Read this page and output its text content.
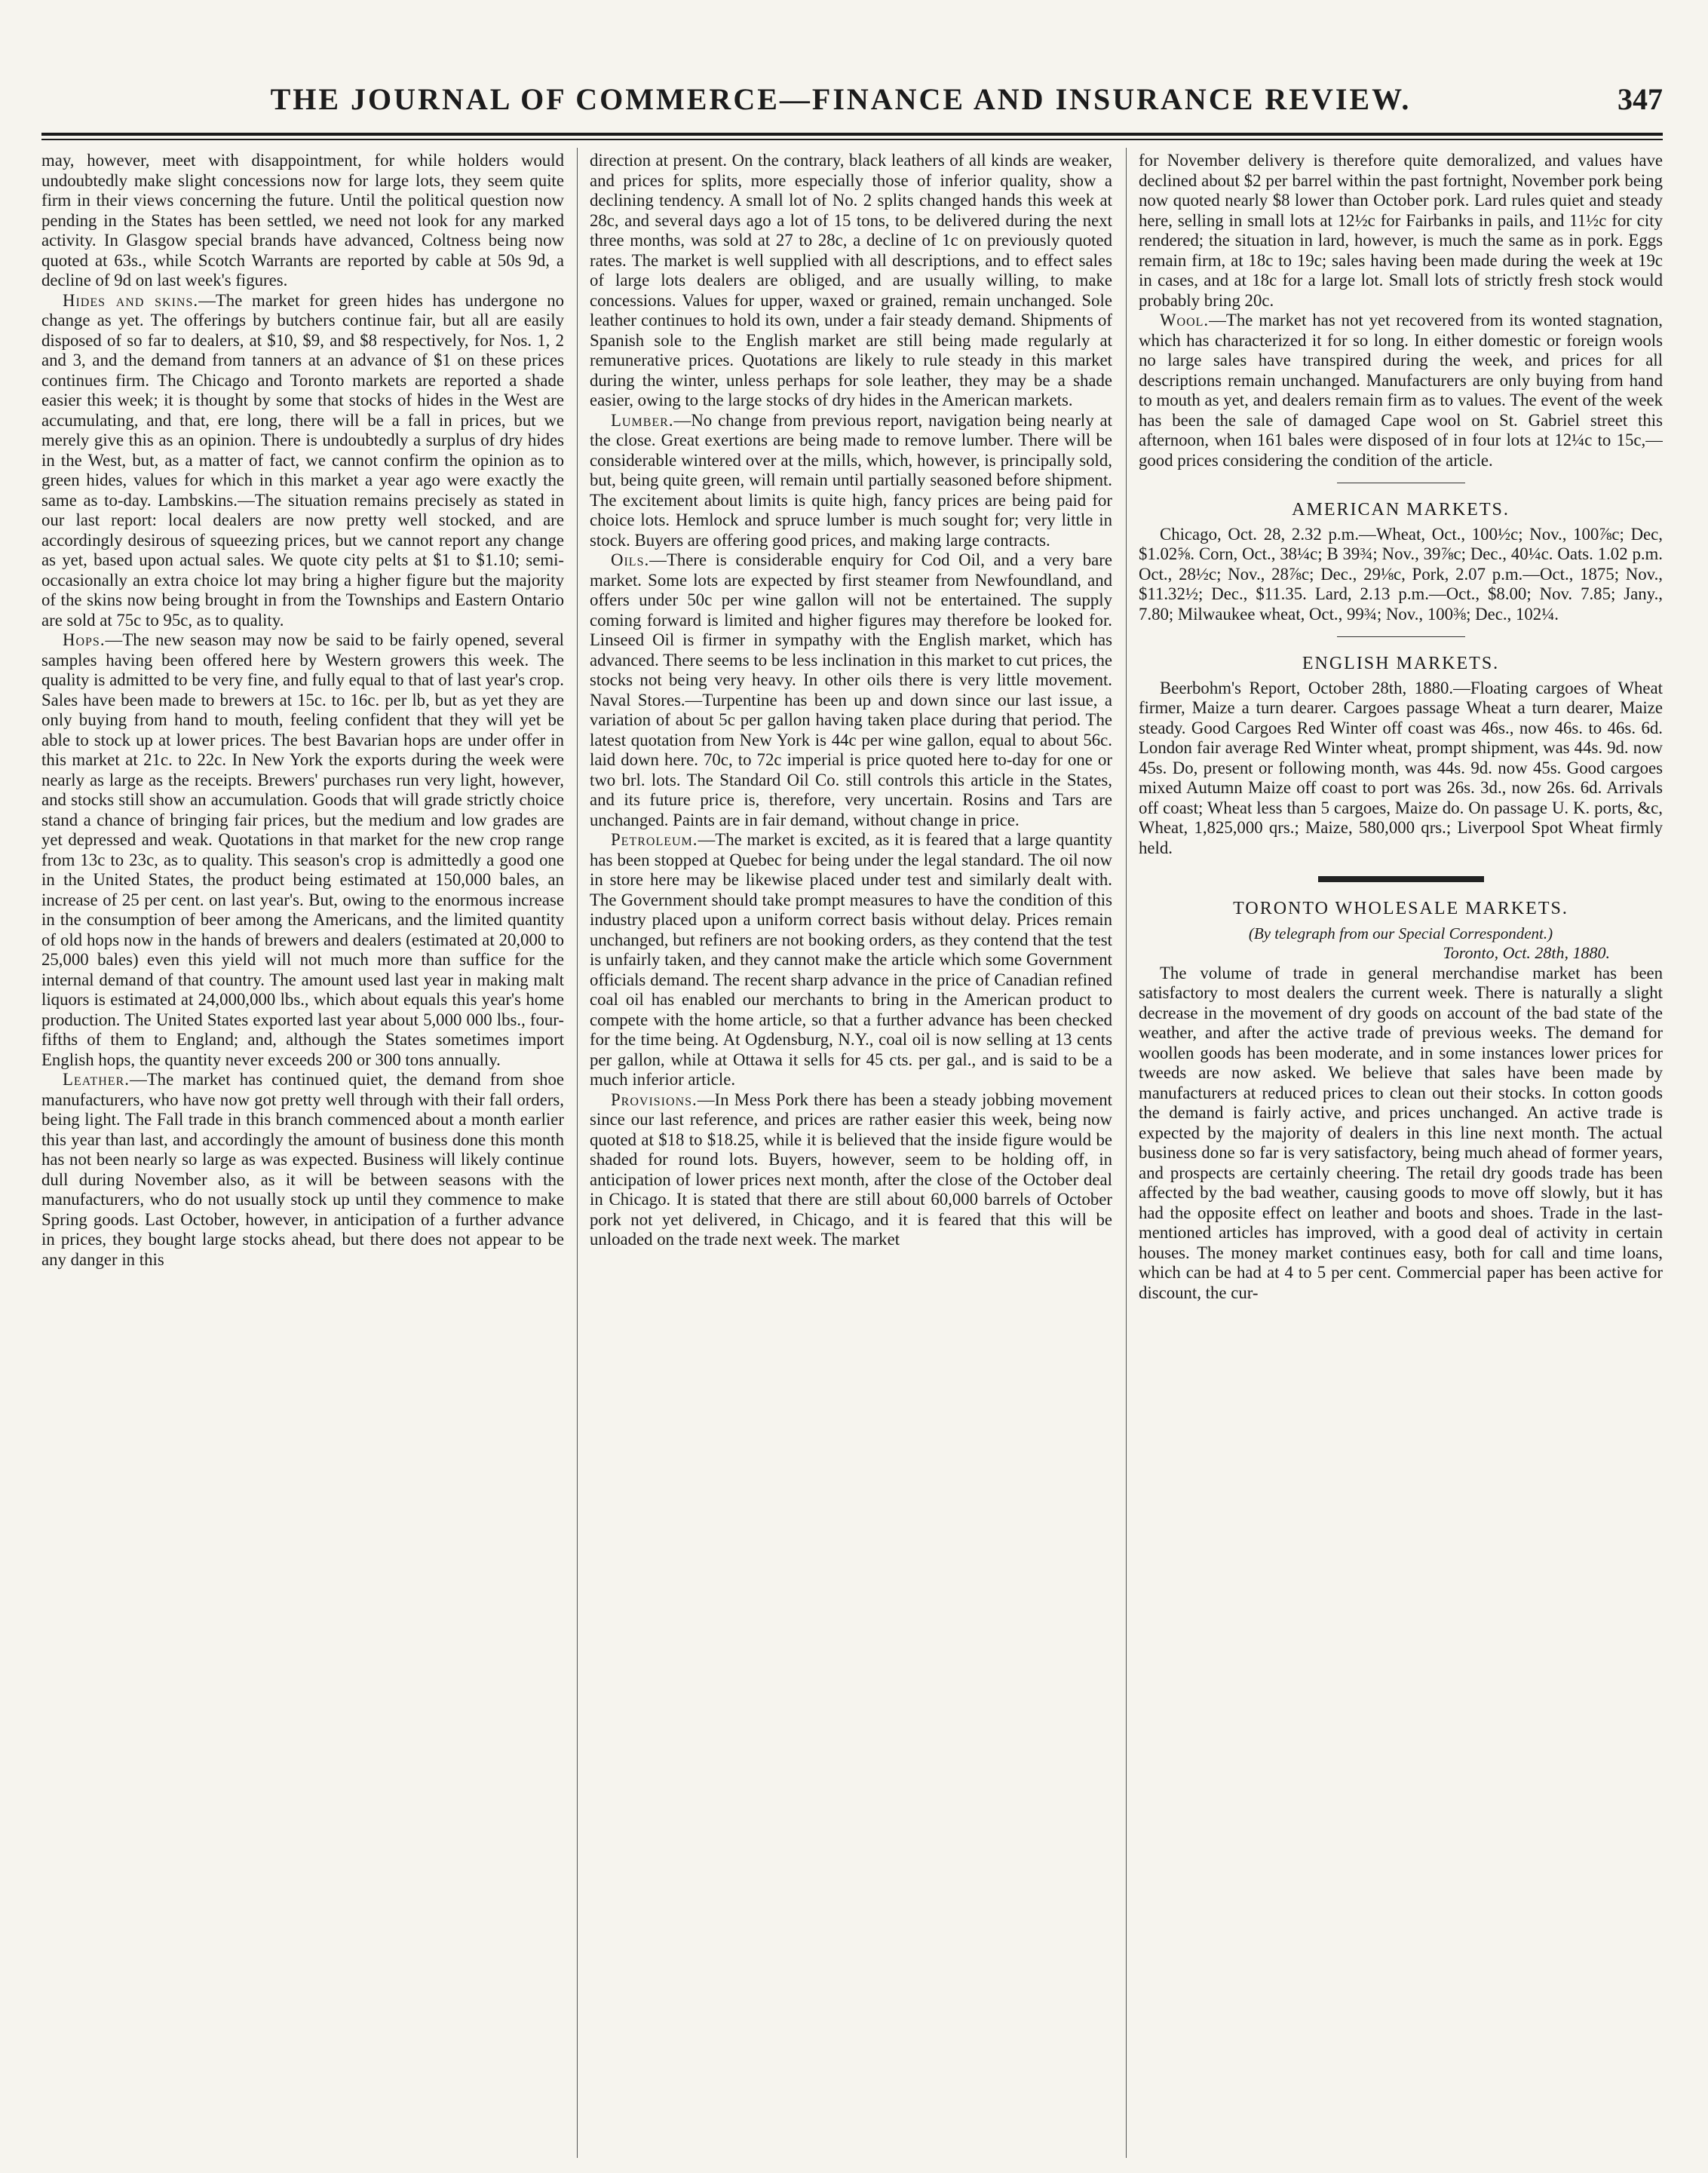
THE JOURNAL OF COMMERCE—FINANCE AND INSURANCE REVIEW.	347

may, however, meet with disappointment, for while holders would undoubtedly make slight concessions now for large lots, they seem quite firm in their views concerning the future. Until the political question now pending in the States has been settled, we need not look for any marked activity. In Glasgow special brands have advanced, Coltness being now quoted at 63s., while Scotch Warrants are reported by cable at 50s 9d, a decline of 9d on last week's figures.

Hides and skins.—The market for green hides has undergone no change as yet. The offerings by butchers continue fair, but all are easily disposed of so far to dealers, at $10, $9, and $8 respectively, for Nos. 1, 2 and 3, and the demand from tanners at an advance of $1 on these prices continues firm. The Chicago and Toronto markets are reported a shade easier this week; it is thought by some that stocks of hides in the West are accumulating, and that, ere long, there will be a fall in prices, but we merely give this as an opinion. There is undoubtedly a surplus of dry hides in the West, but, as a matter of fact, we cannot confirm the opinion as to green hides, values for which in this market a year ago were exactly the same as to-day. Lambskins.—The situation remains precisely as stated in our last report: local dealers are now pretty well stocked, and are accordingly desirous of squeezing prices, but we cannot report any change as yet, based upon actual sales. We quote city pelts at $1 to $1.10; semi-occasionally an extra choice lot may bring a higher figure but the majority of the skins now being brought in from the Townships and Eastern Ontario are sold at 75c to 95c, as to quality.

Hops.—The new season may now be said to be fairly opened, several samples having been offered here by Western growers this week. The quality is admitted to be very fine, and fully equal to that of last year's crop. Sales have been made to brewers at 15c. to 16c. per lb, but as yet they are only buying from hand to mouth, feeling confident that they will yet be able to stock up at lower prices. The best Bavarian hops are under offer in this market at 21c. to 22c. In New York the exports during the week were nearly as large as the receipts. Brewers' purchases run very light, however, and stocks still show an accumulation. Goods that will grade strictly choice stand a chance of bringing fair prices, but the medium and low grades are yet depressed and weak. Quotations in that market for the new crop range from 13c to 23c, as to quality. This season's crop is admittedly a good one in the United States, the product being estimated at 150,000 bales, an increase of 25 per cent. on last year's. But, owing to the enormous increase in the consumption of beer among the Americans, and the limited quantity of old hops now in the hands of brewers and dealers (estimated at 20,000 to 25,000 bales) even this yield will not much more than suffice for the internal demand of that country. The amount used last year in making malt liquors is estimated at 24,000,000 lbs., which about equals this year's home production. The United States exported last year about 5,000 000 lbs., four-fifths of them to England; and, although the States sometimes import English hops, the quantity never exceeds 200 or 300 tons annually.

Leather.—The market has continued quiet, the demand from shoe manufacturers, who have now got pretty well through with their fall orders, being light. The Fall trade in this branch commenced about a month earlier this year than last, and accordingly the amount of business done this month has not been nearly so large as was expected. Business will likely continue dull during November also, as it will be between seasons with the manufacturers, who do not usually stock up until they commence to make Spring goods. Last October, however, in anticipation of a further advance in prices, they bought large stocks ahead, but there does not appear to be any danger in this

direction at present. On the contrary, black leathers of all kinds are weaker, and prices for splits, more especially those of inferior quality, show a declining tendency. A small lot of No. 2 splits changed hands this week at 28c, and several days ago a lot of 15 tons, to be delivered during the next three months, was sold at 27 to 28c, a decline of 1c on previously quoted rates. The market is well supplied with all descriptions, and to effect sales of large lots dealers are obliged, and are usually willing, to make concessions. Values for upper, waxed or grained, remain unchanged. Sole leather continues to hold its own, under a fair steady demand. Shipments of Spanish sole to the English market are still being made regularly at remunerative prices. Quotations are likely to rule steady in this market during the winter, unless perhaps for sole leather, they may be a shade easier, owing to the large stocks of dry hides in the American markets.

Lumber.—No change from previous report, navigation being nearly at the close. Great exertions are being made to remove lumber. There will be considerable wintered over at the mills, which, however, is principally sold, but, being quite green, will remain until partially seasoned before shipment. The excitement about limits is quite high, fancy prices are being paid for choice lots. Hemlock and spruce lumber is much sought for; very little in stock. Buyers are offering good prices, and making large contracts.

Oils.—There is considerable enquiry for Cod Oil, and a very bare market. Some lots are expected by first steamer from Newfoundland, and offers under 50c per wine gallon will not be entertained. The supply coming forward is limited and higher figures may therefore be looked for. Linseed Oil is firmer in sympathy with the English market, which has advanced. There seems to be less inclination in this market to cut prices, the stocks not being very heavy. In other oils there is very little movement. Naval Stores.—Turpentine has been up and down since our last issue, a variation of about 5c per gallon having taken place during that period. The latest quotation from New York is 44c per wine gallon, equal to about 56c. laid down here. 70c, to 72c imperial is price quoted here to-day for one or two brl. lots. The Standard Oil Co. still controls this article in the States, and its future price is, therefore, very uncertain. Rosins and Tars are unchanged. Paints are in fair demand, without change in price.

Petroleum.—The market is excited, as it is feared that a large quantity has been stopped at Quebec for being under the legal standard. The oil now in store here may be likewise placed under test and similarly dealt with. The Government should take prompt measures to have the condition of this industry placed upon a uniform correct basis without delay. Prices remain unchanged, but refiners are not booking orders, as they contend that the test is unfairly taken, and they cannot make the article which some Government officials demand. The recent sharp advance in the price of Canadian refined coal oil has enabled our merchants to bring in the American product to compete with the home article, so that a further advance has been checked for the time being. At Ogdensburg, N.Y., coal oil is now selling at 13 cents per gallon, while at Ottawa it sells for 45 cts. per gal., and is said to be a much inferior article.

Provisions.—In Mess Pork there has been a steady jobbing movement since our last reference, and prices are rather easier this week, being now quoted at $18 to $18.25, while it is believed that the inside figure would be shaded for round lots. Buyers, however, seem to be holding off, in anticipation of lower prices next month, after the close of the October deal in Chicago. It is stated that there are still about 60,000 barrels of October pork not yet delivered, in Chicago, and it is feared that this will be unloaded on the trade next week. The market

for November delivery is therefore quite demoralized, and values have declined about $2 per barrel within the past fortnight, November pork being now quoted nearly $8 lower than October pork. Lard rules quiet and steady here, selling in small lots at 12½c for Fairbanks in pails, and 11½c for city rendered; the situation in lard, however, is much the same as in pork. Eggs remain firm, at 18c to 19c; sales having been made during the week at 19c in cases, and at 18c for a large lot. Small lots of strictly fresh stock would probably bring 20c.

Wool.—The market has not yet recovered from its wonted stagnation, which has characterized it for so long. In either domestic or foreign wools no large sales have transpired during the week, and prices for all descriptions remain unchanged. Manufacturers are only buying from hand to mouth as yet, and dealers remain firm as to values. The event of the week has been the sale of damaged Cape wool on St. Gabriel street this afternoon, when 161 bales were disposed of in four lots at 12¼c to 15c,—good prices considering the condition of the article.

AMERICAN MARKETS.

Chicago, Oct. 28, 2.32 p.m.—Wheat, Oct., 100½c; Nov., 100⅞c; Dec, $1.02⅝. Corn, Oct., 38¼c; B 39¾; Nov., 39⅞c; Dec., 40¼c. Oats. 1.02 p.m. Oct., 28½c; Nov., 28⅞c; Dec., 29⅛c, Pork, 2.07 p.m.—Oct., 1875; Nov., $11.32½; Dec., $11.35. Lard, 2.13 p.m.—Oct., $8.00; Nov. 7.85; Jany., 7.80; Milwaukee wheat, Oct., 99¾; Nov., 100⅜; Dec., 102¼.

ENGLISH MARKETS.

Beerbohm's Report, October 28th, 1880.—Floating cargoes of Wheat firmer, Maize a turn dearer. Cargoes passage Wheat a turn dearer, Maize steady. Good Cargoes Red Winter off coast was 46s., now 46s. to 46s. 6d. London fair average Red Winter wheat, prompt shipment, was 44s. 9d. now 45s. Do, present or following month, was 44s. 9d. now 45s. Good cargoes mixed Autumn Maize off coast to port was 26s. 3d., now 26s. 6d. Arrivals off coast; Wheat less than 5 cargoes, Maize do. On passage U. K. ports, &c, Wheat, 1,825,000 qrs.; Maize, 580,000 qrs.; Liverpool Spot Wheat firmly held.

TORONTO WHOLESALE MARKETS.
(By telegraph from our Special Correspondent.)
Toronto, Oct. 28th, 1880.

The volume of trade in general merchandise market has been satisfactory to most dealers the current week. There is naturally a slight decrease in the movement of dry goods on account of the bad state of the weather, and after the active trade of previous weeks. The demand for woollen goods has been moderate, and in some instances lower prices for tweeds are now asked. We believe that sales have been made by manufacturers at reduced prices to clean out their stocks. In cotton goods the demand is fairly active, and prices unchanged. An active trade is expected by the majority of dealers in this line next month. The actual business done so far is very satisfactory, being much ahead of former years, and prospects are certainly cheering. The retail dry goods trade has been affected by the bad weather, causing goods to move off slowly, but it has had the opposite effect on leather and boots and shoes. Trade in the last-mentioned articles has improved, with a good deal of activity in certain houses. The money market continues easy, both for call and time loans, which can be had at 4 to 5 per cent. Commercial paper has been active for discount, the cur-
